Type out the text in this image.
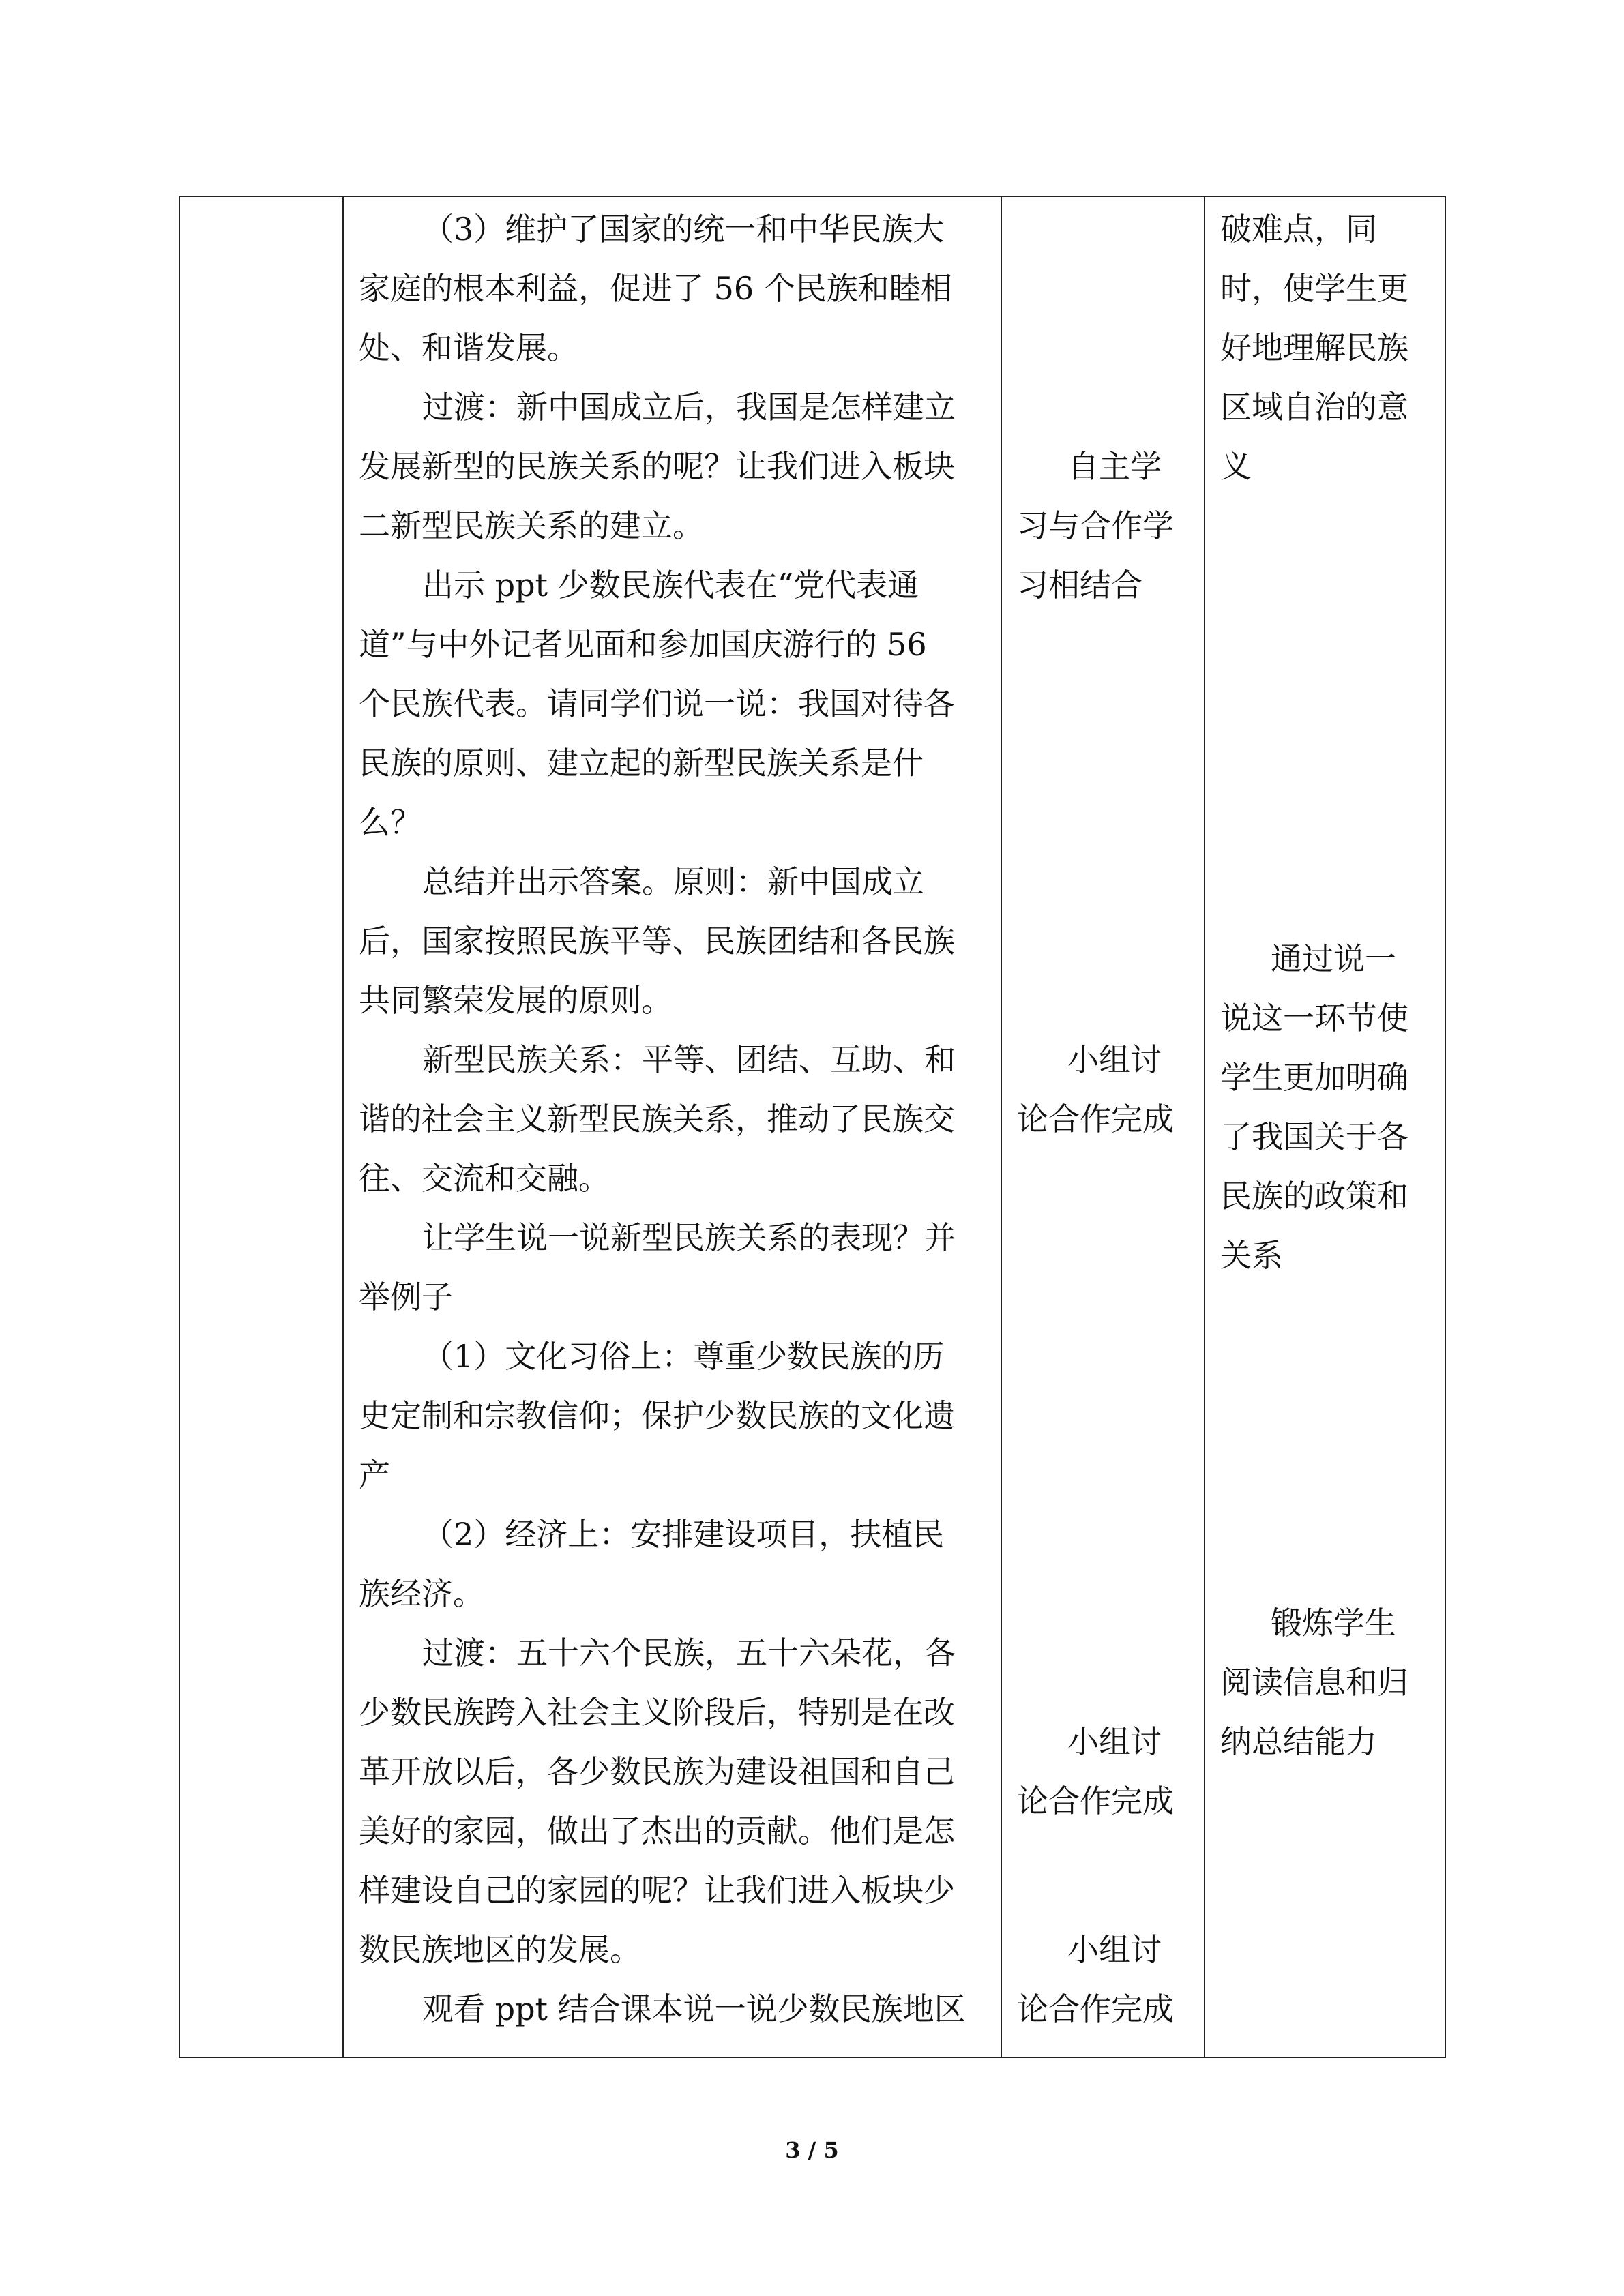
（3）维护了国家的统一和中华民族大
家庭的根本利益，促进了 56 个民族和睦相
处、和谐发展。
过渡：新中国成立后，我国是怎样建立
发展新型的民族关系的呢？让我们进入板块
二新型民族关系的建立。
出示 ppt 少数民族代表在“党代表通
道”与中外记者见面和参加国庆游行的 56
个民族代表。请同学们说一说：我国对待各
民族的原则、建立起的新型民族关系是什
么？
总结并出示答案。原则：新中国成立
后，国家按照民族平等、民族团结和各民族
共同繁荣发展的原则。
新型民族关系：平等、团结、互助、和
谐的社会主义新型民族关系，推动了民族交
往、交流和交融。
让学生说一说新型民族关系的表现？并
举例子
（1）文化习俗上：尊重少数民族的历
史定制和宗教信仰；保护少数民族的文化遗
产
（2）经济上：安排建设项目，扶植民
族经济。
过渡：五十六个民族，五十六朵花，各
少数民族跨入社会主义阶段后，特别是在改
革开放以后，各少数民族为建设祖国和自己
美好的家园，做出了杰出的贡献。他们是怎
样建设自己的家园的呢？让我们进入板块少
数民族地区的发展。
观看 ppt 结合课本说一说少数民族地区
自主学
习与合作学
习相结合
小组讨
论合作完成
小组讨
论合作完成
小组讨
论合作完成
破难点，同
时，使学生更
好地理解民族
区域自治的意
义
通过说一
说这一环节使
学生更加明确
了我国关于各
民族的政策和
关系
锻炼学生
阅读信息和归
纳总结能力
3 / 5
